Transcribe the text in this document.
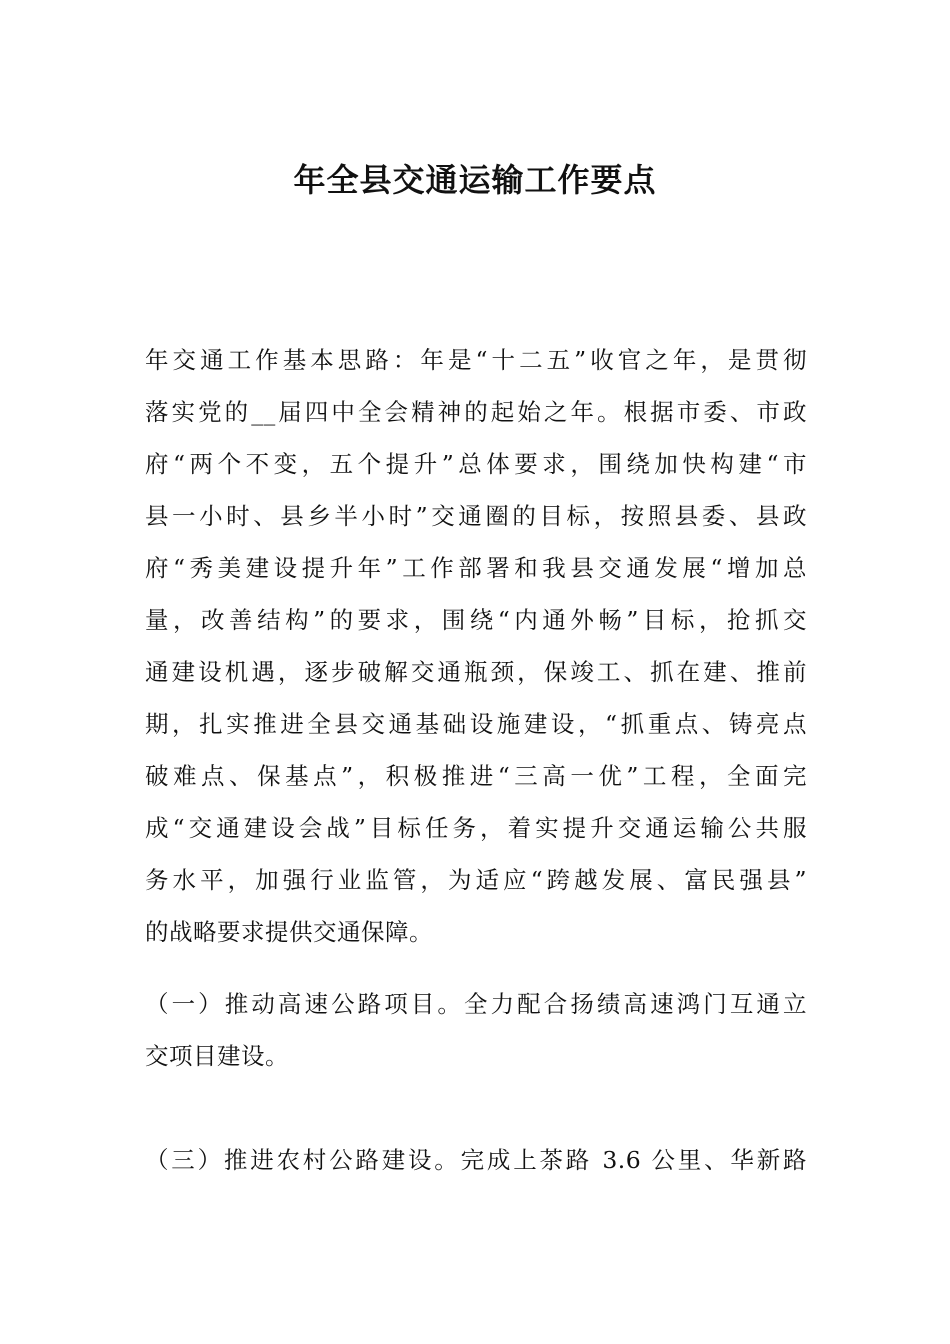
年全县交通运输工作要点
年交通工作基本思路：年是“十二五”收官之年，是贯彻
落实党的__届四中全会精神的起始之年。根据市委、市政
府“两个不变，五个提升”总体要求，围绕加快构建“市
县一小时、县乡半小时”交通圈的目标，按照县委、县政
府“秀美建设提升年”工作部署和我县交通发展“增加总
量，改善结构”的要求，围绕“内通外畅”目标，抢抓交
通建设机遇，逐步破解交通瓶颈，保竣工、抓在建、推前
期，扎实推进全县交通基础设施建设，“抓重点、铸亮点
破难点、保基点”，积极推进“三高一优”工程，全面完
成“交通建设会战”目标任务，着实提升交通运输公共服
务水平，加强行业监管，为适应“跨越发展、富民强县”
的战略要求提供交通保障。
（一）推动高速公路项目。全力配合扬绩高速鸿门互通立
交项目建设。
（三）推进农村公路建设。完成上茶路 3.6 公里、华新路
